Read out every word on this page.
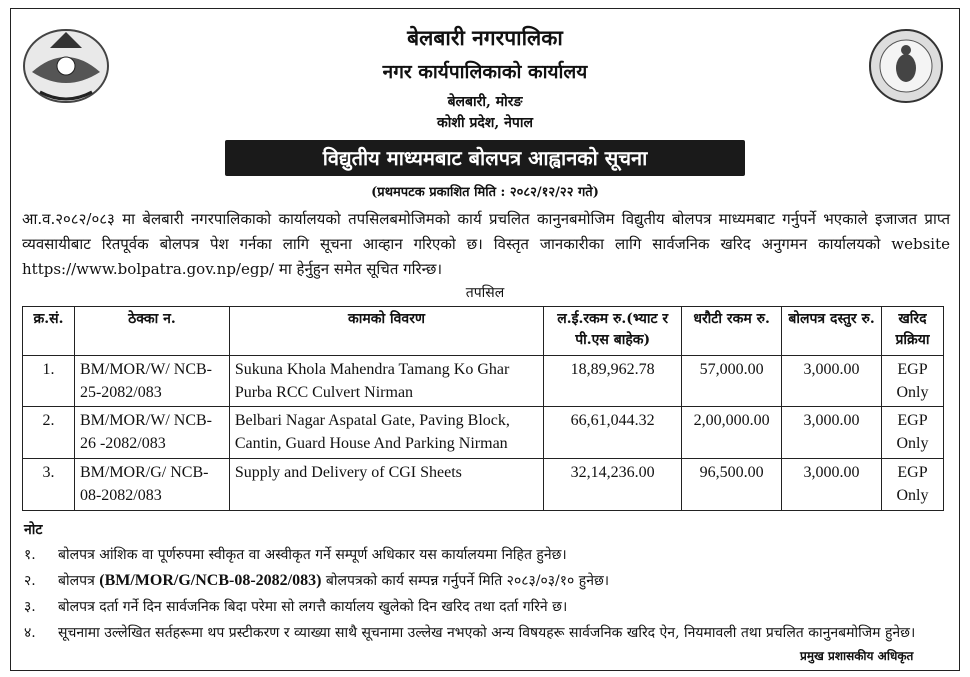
बेलबारी नगरपालिका
नगर कार्यपालिकाको कार्यालय
बेलबारी, मोरङ
कोशी प्रदेश, नेपाल
विद्युतीय माध्यमबाट बोलपत्र आह्वानको सूचना
(प्रथमपटक प्रकाशित मिति : २०८२/१२/२२ गते)
आ.व.२०८२/०८३ मा बेलबारी नगरपालिकाको कार्यालयको तपसिलबमोजिमको कार्य प्रचलित कानुनबमोजिम विद्युतीय बोलपत्र माध्यमबाट गर्नुपर्ने भएकाले इजाजत प्राप्त व्यवसायीबाट रितपूर्वक बोलपत्र पेश गर्नका लागि सूचना आव्हान गरिएको छ। विस्तृत जानकारीका लागि सार्वजनिक खरिद अनुगमन कार्यालयको website https://www.bolpatra.gov.np/egp/ मा हेर्नुहुन समेत सूचित गरिन्छ।
तपसिल
क्र.सं.	ठेक्का न.	कामको विवरण	ल.ई.रकम रु.(भ्याट र पी.एस बाहेक)	धरौटी रकम रु.	बोलपत्र दस्तुर रु.	खरिद प्रक्रिया
1.	BM/MOR/W/ NCB-25-2082/083	Sukuna Khola Mahendra Tamang Ko Ghar Purba RCC Culvert Nirman	18,89,962.78	57,000.00	3,000.00	EGP Only
2.	BM/MOR/W/ NCB-26 -2082/083	Belbari Nagar Aspatal Gate, Paving Block, Cantin, Guard House And Parking Nirman	66,61,044.32	2,00,000.00	3,000.00	EGP Only
3.	BM/MOR/G/ NCB-08-2082/083	Supply and Delivery of CGI Sheets	32,14,236.00	96,500.00	3,000.00	EGP Only
नोट
१. बोलपत्र आंशिक वा पूर्णरुपमा स्वीकृत वा अस्वीकृत गर्ने सम्पूर्ण अधिकार यस कार्यालयमा निहित हुनेछ।
२. बोलपत्र (BM/MOR/G/NCB-08-2082/083) बोलपत्रको कार्य सम्पन्न गर्नुपर्ने मिति २०८३/०३/१० हुनेछ।
३. बोलपत्र दर्ता गर्ने दिन सार्वजनिक बिदा परेमा सो लगत्तै कार्यालय खुलेको दिन खरिद तथा दर्ता गरिने छ।
४. सूचनामा उल्लेखित सर्तहरूमा थप प्रस्टीकरण र व्याख्या साथै सूचनामा उल्लेख नभएको अन्य विषयहरू सार्वजनिक खरिद ऐन, नियमावली तथा प्रचलित कानुनबमोजिम हुनेछ।
प्रमुख प्रशासकीय अधिकृत
